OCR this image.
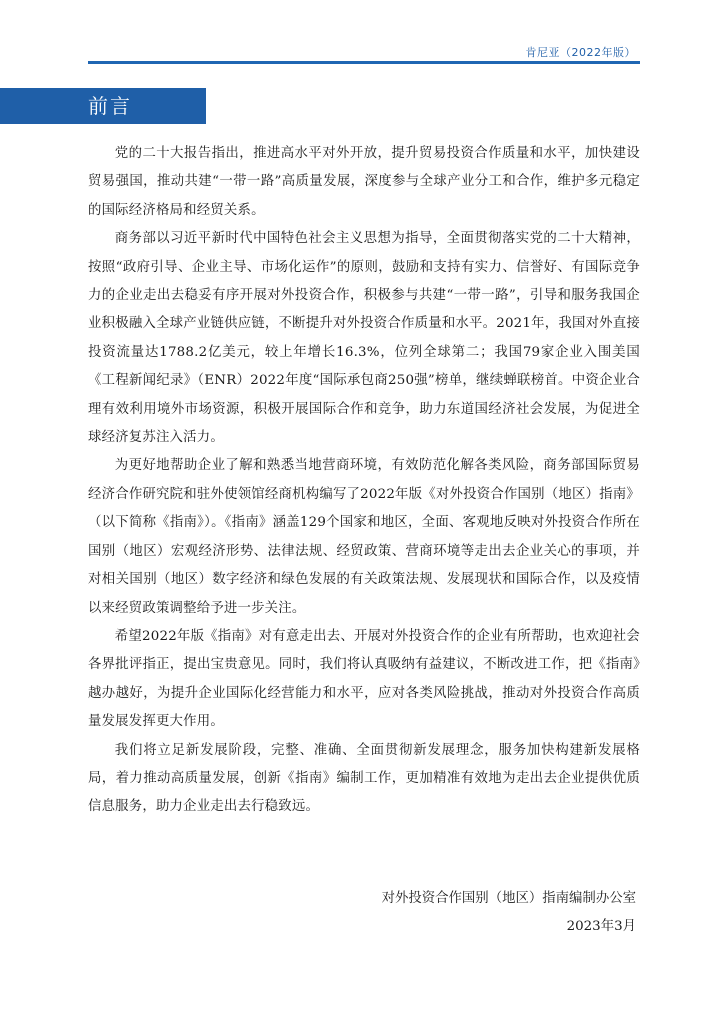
肯尼亚（2022年版）
前言

党的二十大报告指出，推进高水平对外开放，提升贸易投资合作质量和水平，加快建设贸易强国，推动共建“一带一路”高质量发展，深度参与全球产业分工和合作，维护多元稳定的国际经济格局和经贸关系。

商务部以习近平新时代中国特色社会主义思想为指导，全面贯彻落实党的二十大精神，按照“政府引导、企业主导、市场化运作”的原则，鼓励和支持有实力、信誉好、有国际竞争力的企业走出去稳妥有序开展对外投资合作，积极参与共建“一带一路”，引导和服务我国企业积极融入全球产业链供应链，不断提升对外投资合作质量和水平。2021年，我国对外直接投资流量达1788.2亿美元，较上年增长16.3%，位列全球第二；我国79家企业入围美国《工程新闻纪录》（ENR）2022年度“国际承包商250强”榜单，继续蝉联榜首。中资企业合理有效利用境外市场资源，积极开展国际合作和竞争，助力东道国经济社会发展，为促进全球经济复苏注入活力。

为更好地帮助企业了解和熟悉当地营商环境，有效防范化解各类风险，商务部国际贸易经济合作研究院和驻外使领馆经商机构编写了2022年版《对外投资合作国别（地区）指南》（以下简称《指南》）。《指南》涵盖129个国家和地区，全面、客观地反映对外投资合作所在国别（地区）宏观经济形势、法律法规、经贸政策、营商环境等走出去企业关心的事项，并对相关国别（地区）数字经济和绿色发展的有关政策法规、发展现状和国际合作，以及疫情以来经贸政策调整给予进一步关注。

希望2022年版《指南》对有意走出去、开展对外投资合作的企业有所帮助，也欢迎社会各界批评指正，提出宝贵意见。同时，我们将认真吸纳有益建议，不断改进工作，把《指南》越办越好，为提升企业国际化经营能力和水平，应对各类风险挑战，推动对外投资合作高质量发展发挥更大作用。

我们将立足新发展阶段，完整、准确、全面贯彻新发展理念，服务加快构建新发展格局，着力推动高质量发展，创新《指南》编制工作，更加精准有效地为走出去企业提供优质信息服务，助力企业走出去行稳致远。

对外投资合作国别（地区）指南编制办公室
2023年3月
